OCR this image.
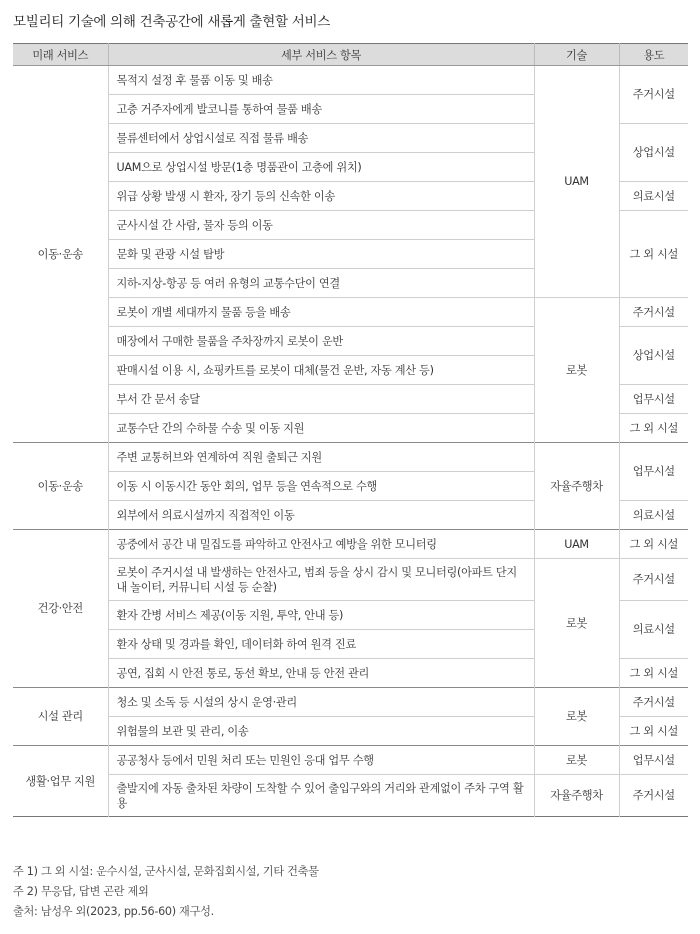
모빌리티 기술에 의해 건축공간에 새롭게 출현할 서비스
미래 서비스	세부 서비스 항목	기술	용도
이동·운송	목적지 설정 후 물품 이동 및 배송	UAM	주거시설
	고층 거주자에게 발코니를 통하여 물품 배송		
	물류센터에서 상업시설로 직접 물류 배송		상업시설
	UAM으로 상업시설 방문(1층 명품관이 고층에 위치)		
	위급 상황 발생 시 환자, 장기 등의 신속한 이송		의료시설
	군사시설 간 사람, 물자 등의 이동		그 외 시설
	문화 및 관광 시설 탐방		
	지하-지상-항공 등 여러 유형의 교통수단이 연결		
	로봇이 개별 세대까지 물품 등을 배송	로봇	주거시설
	매장에서 구매한 물품을 주차장까지 로봇이 운반		상업시설
	판매시설 이용 시, 쇼핑카트를 로봇이 대체(물건 운반, 자동 계산 등)		
	부서 간 문서 송달		업무시설
	교통수단 간의 수하물 수송 및 이동 지원		그 외 시설
이동·운송	주변 교통허브와 연계하여 직원 출퇴근 지원	자율주행차	업무시설
	이동 시 이동시간 동안 회의, 업무 등을 연속적으로 수행		
	외부에서 의료시설까지 직접적인 이동		의료시설
건강·안전	공중에서 공간 내 밀집도를 파악하고 안전사고 예방을 위한 모니터링	UAM	그 외 시설
	로봇이 주거시설 내 발생하는 안전사고, 범죄 등을 상시 감시 및 모니터링(아파트 단지 내 놀이터, 커뮤니티 시설 등 순찰)	로봇	주거시설
	환자 간병 서비스 제공(이동 지원, 투약, 안내 등)		의료시설
	환자 상태 및 경과를 확인, 데이터화 하여 원격 진료		
	공연, 집회 시 안전 통로, 동선 확보, 안내 등 안전 관리		그 외 시설
시설 관리	청소 및 소독 등 시설의 상시 운영·관리	로봇	주거시설
	위험물의 보관 및 관리, 이송		그 외 시설
생활·업무 지원	공공청사 등에서 민원 처리 또는 민원인 응대 업무 수행	로봇	업무시설
	출발지에 자동 출차된 차량이 도착할 수 있어 출입구와의 거리와 관계없이 주차 구역 활용	자율주행차	주거시설
주 1) 그 외 시설: 운수시설, 군사시설, 문화집회시설, 기타 건축물
주 2) 무응답, 답변 곤란 제외
출처: 남성우 외(2023, pp.56-60) 재구성.
